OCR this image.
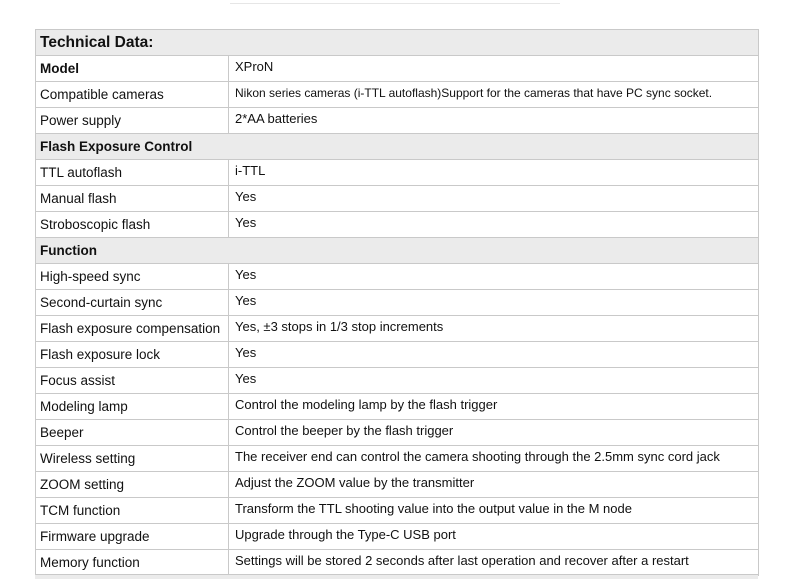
Technical Data:	
Model	XProN
Compatible cameras	Nikon series cameras (i-TTL autoflash)Support for the cameras that have PC sync socket.
Power supply	2*AA batteries
Flash Exposure Control	
TTL autoflash	i-TTL
Manual flash	Yes
Stroboscopic flash	Yes
Function	
High-speed sync	Yes
Second-curtain sync	Yes
Flash exposure compensation	Yes, ±3 stops in 1/3 stop increments
Flash exposure lock	Yes
Focus assist	Yes
Modeling lamp	Control the modeling lamp by the flash trigger
Beeper	Control the beeper by the flash trigger
Wireless setting	The receiver end can control the camera shooting through the 2.5mm sync cord jack
ZOOM setting	Adjust the ZOOM value by the transmitter
TCM function	Transform the TTL shooting value into the output value in the M node
Firmware upgrade	Upgrade through the Type-C USB port
Memory function	Settings will be stored 2 seconds after last operation and recover after a restart
